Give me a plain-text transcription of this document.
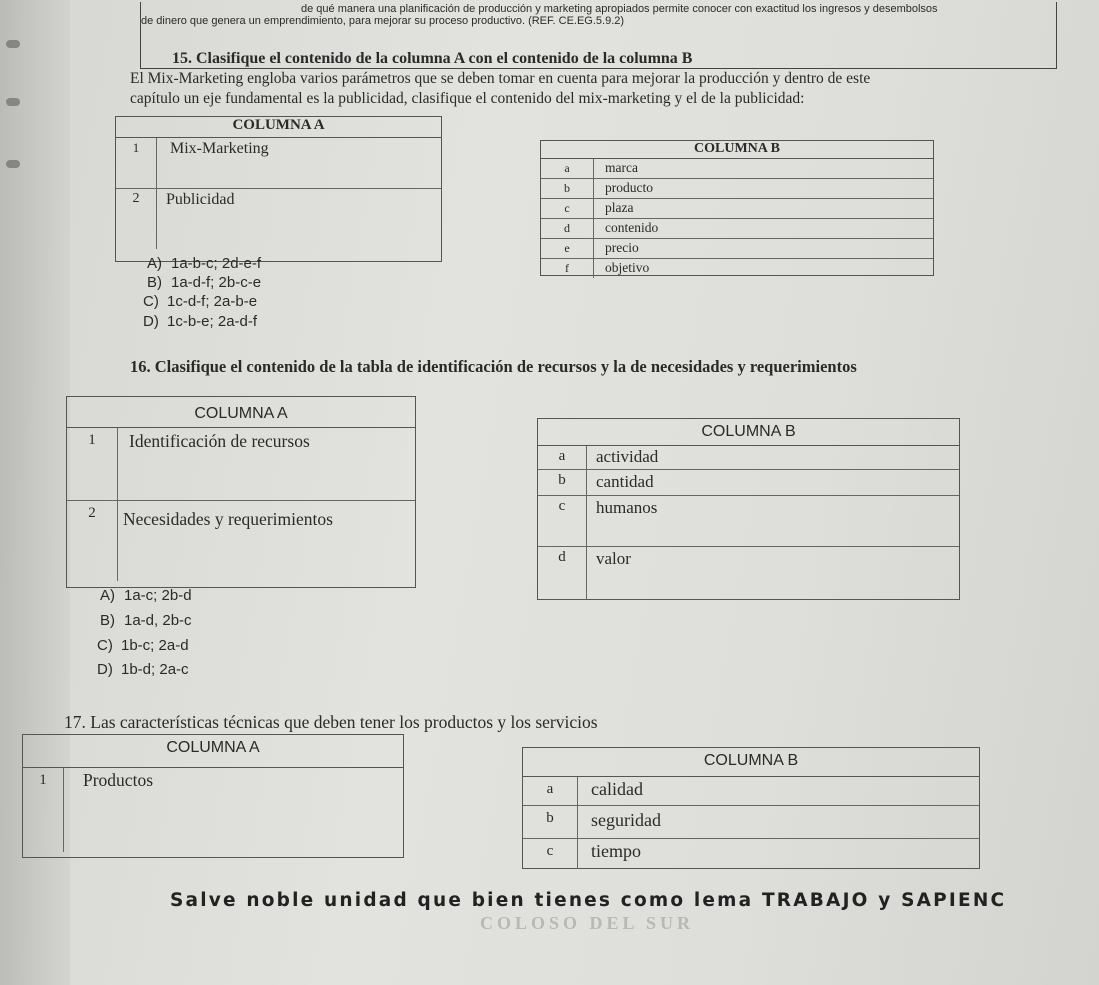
de qué manera una planificación de producción y marketing apropiados permite conocer con exactitud los ingresos y desembolsos
de dinero que genera un emprendimiento, para mejorar su proceso productivo. (REF. CE.EG.5.9.2)
15. Clasifique el contenido de la columna A con el contenido de la columna B
El Mix-Marketing engloba varios parámetros que se deben tomar en cuenta para mejorar la producción y dentro de este
capítulo un eje fundamental es la publicidad, clasifique el contenido del mix-marketing y el de la publicidad:
COLUMNA A
1	Mix-Marketing
2	Publicidad
COLUMNA B
a	marca
b	producto
c	plaza
d	contenido
e	precio
f	objetivo
A) 1a-b-c; 2d-e-f
B) 1a-d-f; 2b-c-e
C) 1c-d-f; 2a-b-e
D) 1c-b-e; 2a-d-f
16. Clasifique el contenido de la tabla de identificación de recursos y la de necesidades y requerimientos
COLUMNA A
1	Identificación de recursos
2	Necesidades y requerimientos
COLUMNA B
a	actividad
b	cantidad
c	humanos
d	valor
A) 1a-c; 2b-d
B) 1a-d, 2b-c
C) 1b-c; 2a-d
D) 1b-d; 2a-c
17. Las características técnicas que deben tener los productos y los servicios
COLUMNA A
1	Productos
COLUMNA B
a	calidad
b	seguridad
c	tiempo
Salve noble unidad que bien tienes como lema TRABAJO y SAPIENC
COLOSO DEL SUR
